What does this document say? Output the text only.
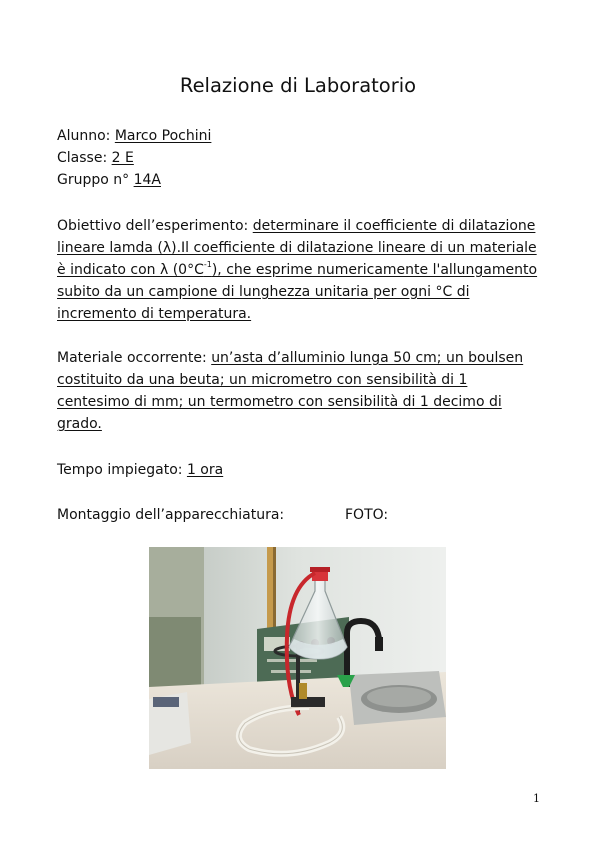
Relazione di Laboratorio
Alunno: Marco Pochini
Classe: 2 E
Gruppo n° 14A
Obiettivo dell’esperimento: determinare il coefficiente di dilatazione lineare lamda (λ).Il coefficiente di dilatazione lineare di un materiale è indicato con λ $(0^\circ C^{-1})$, che esprime numericamente l'allungamento subito da un campione di lunghezza unitaria per ogni °C di incremento di temperatura.
Materiale occorrente: un’asta d’alluminio lunga 50 cm; un boulsen costituito da una beuta; un micrometro con sensibilità di 1 centesimo di mm; un termometro con sensibilità di 1 decimo di grado.
Tempo impiegato: 1 ora
Montaggio dell’apparecchiatura:	FOTO:
1
